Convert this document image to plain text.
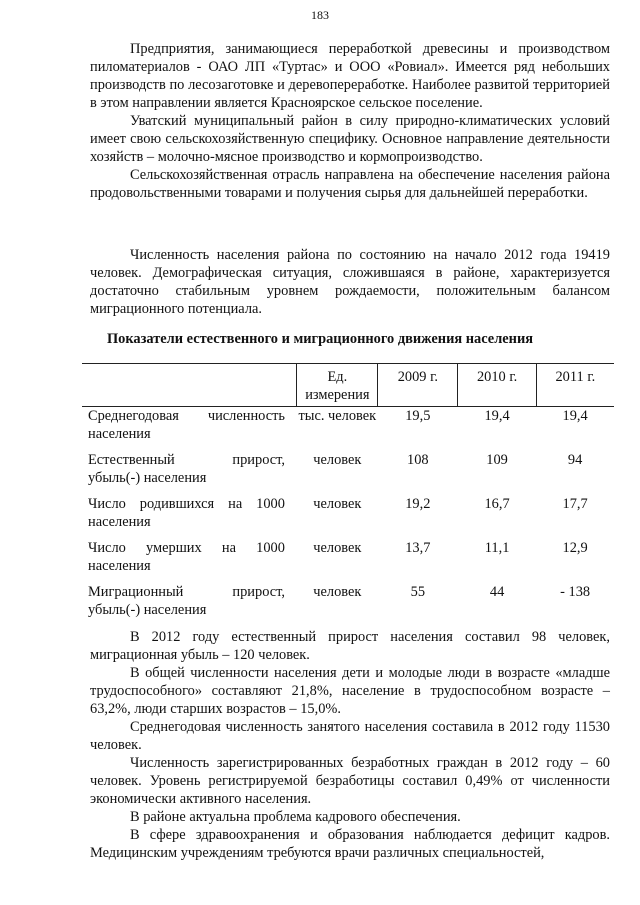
183

Предприятия, занимающиеся переработкой древесины и производством пиломатериалов - ОАО ЛП «Туртас» и ООО «Ровиал». Имеется ряд небольших производств по лесозаготовке и деревопереработке. Наиболее развитой территорией в этом направлении является Красноярское сельское поселение.

Уватский муниципальный район в силу природно-климатических условий имеет свою сельскохозяйственную специфику. Основное направление деятельности хозяйств – молочно-мясное производство и кормопроизводство.

Сельскохозяйственная отрасль направлена на обеспечение населения района продовольственными товарами и получения сырья для дальнейшей переработки.

Численность населения района по состоянию на начало 2012 года 19419 человек. Демографическая ситуация, сложившаяся в районе, характеризуется достаточно стабильным уровнем рождаемости, положительным балансом миграционного потенциала.

Показатели естественного и миграционного движения населения

	Ед. измерения	2009 г.	2010 г.	2011 г.

Среднегодовая численность населения	тыс. человек	19,5	19,4	19,4
Естественный прирост, убыль(-) населения	человек	108	109	94
Число родившихся на 1000 населения	человек	19,2	16,7	17,7
Число умерших на 1000 населения	человек	13,7	11,1	12,9
Миграционный прирост, убыль(-) населения	человек	55	44	- 138

В 2012 году естественный прирост населения составил 98 человек, миграционная убыль – 120 человек.

В общей численности населения дети и молодые люди в возрасте «младше трудоспособного» составляют 21,8%, население в трудоспособном возрасте – 63,2%, люди старших возрастов – 15,0%.

Среднегодовая численность занятого населения составила в 2012 году 11530 человек.

Численность зарегистрированных безработных граждан в 2012 году – 60 человек. Уровень регистрируемой безработицы составил 0,49% от численности экономически активного населения.

В районе актуальна проблема кадрового обеспечения.

В сфере здравоохранения и образования наблюдается дефицит кадров. Медицинским учреждениям требуются врачи различных специальностей,
